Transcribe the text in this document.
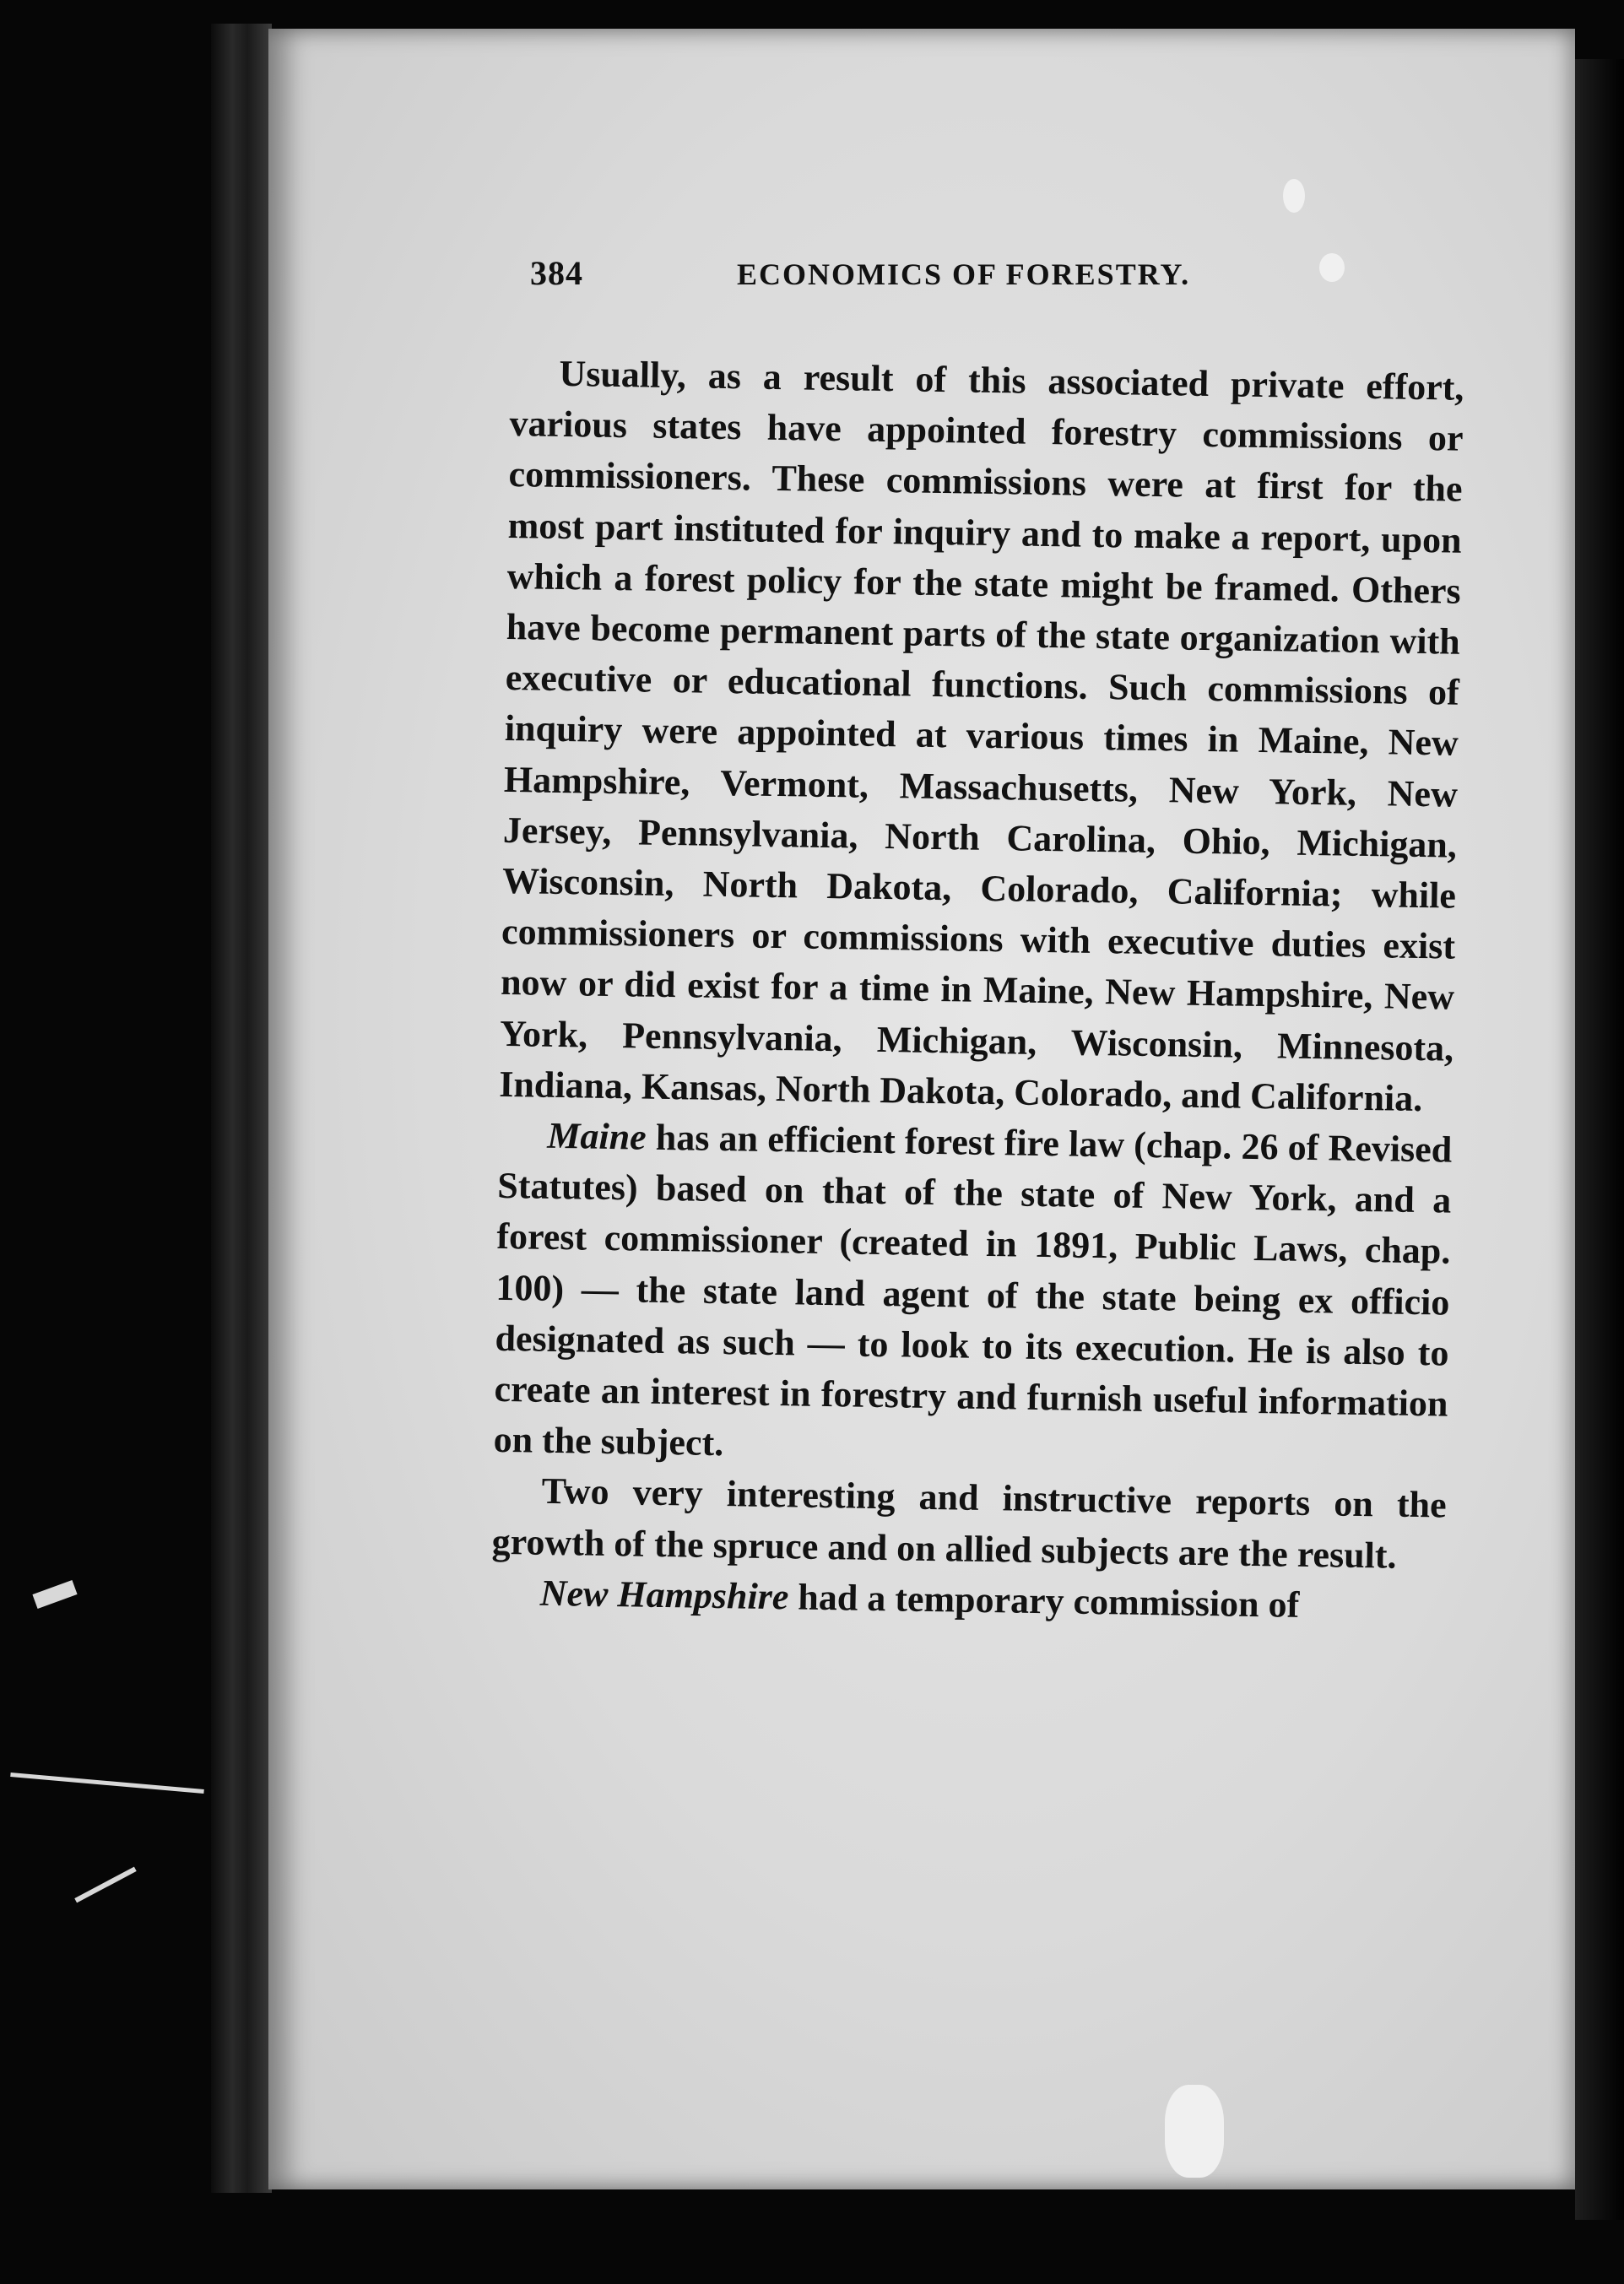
384	ECONOMICS OF FORESTRY.

Usually, as a result of this associated private effort, various states have appointed forestry commissions or commissioners. These commissions were at first for the most part instituted for inquiry and to make a report, upon which a forest policy for the state might be framed. Others have become permanent parts of the state organization with executive or educational functions. Such commissions of inquiry were appointed at various times in Maine, New Hampshire, Vermont, Massachusetts, New York, New Jersey, Pennsylvania, North Carolina, Ohio, Michigan, Wisconsin, North Dakota, Colorado, California; while commissioners or commissions with executive duties exist now or did exist for a time in Maine, New Hampshire, New York, Pennsylvania, Michigan, Wisconsin, Minnesota, Indiana, Kansas, North Dakota, Colorado, and California.

Maine has an efficient forest fire law (chap. 26 of Revised Statutes) based on that of the state of New York, and a forest commissioner (created in 1891, Public Laws, chap. 100) — the state land agent of the state being ex officio designated as such — to look to its execution. He is also to create an interest in forestry and furnish useful information on the subject.

Two very interesting and instructive reports on the growth of the spruce and on allied subjects are the result.

New Hampshire had a temporary commission of
